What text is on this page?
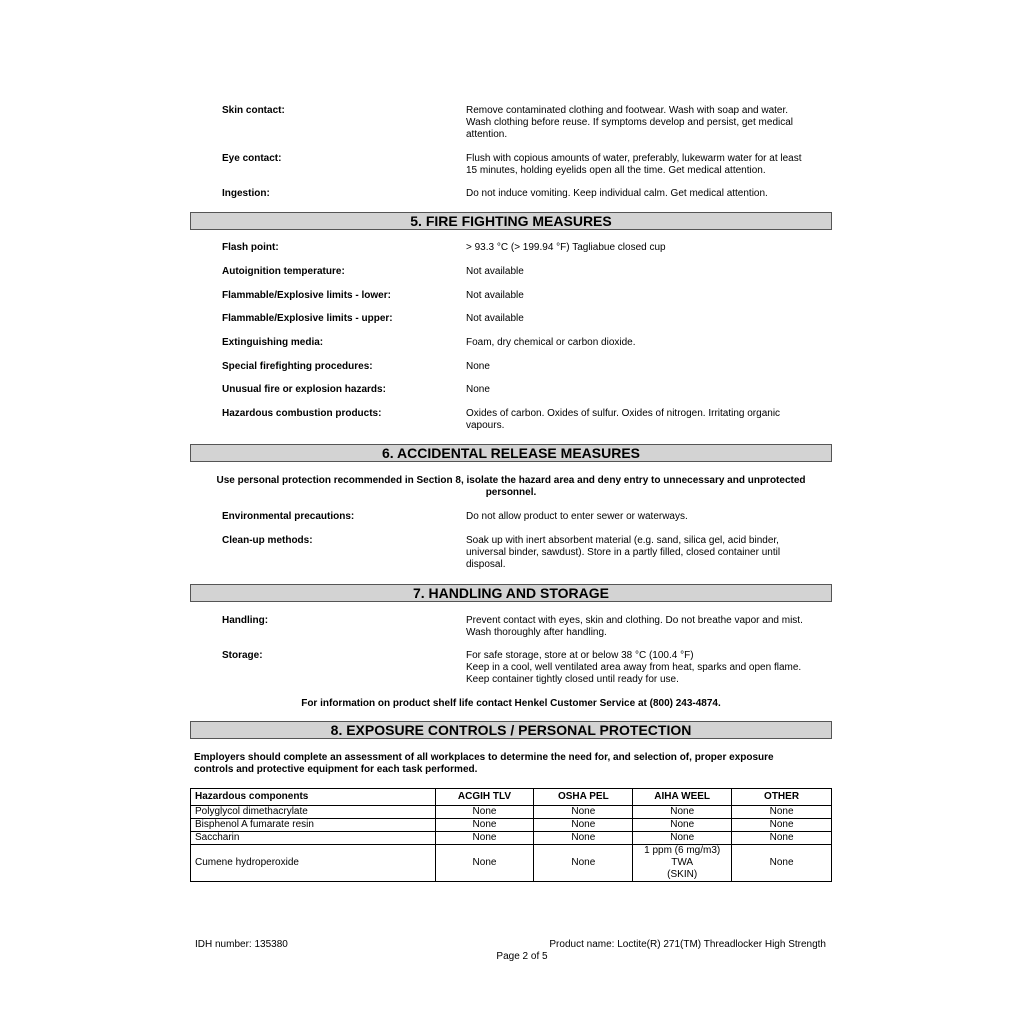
Skin contact:	Remove contaminated clothing and footwear. Wash with soap and water.
Wash clothing before reuse. If symptoms develop and persist, get medical
attention.
Eye contact:	Flush with copious amounts of water, preferably, lukewarm water for at least
15 minutes, holding eyelids open all the time. Get medical attention.
Ingestion:	Do not induce vomiting. Keep individual calm. Get medical attention.
5. FIRE FIGHTING MEASURES
Flash point:	> 93.3 °C (> 199.94 °F) Tagliabue closed cup
Autoignition temperature:	Not available
Flammable/Explosive limits - lower:	Not available
Flammable/Explosive limits - upper:	Not available
Extinguishing media:	Foam, dry chemical or carbon dioxide.
Special firefighting procedures:	None
Unusual fire or explosion hazards:	None
Hazardous combustion products:	Oxides of carbon. Oxides of sulfur. Oxides of nitrogen. Irritating organic
vapours.
6. ACCIDENTAL RELEASE MEASURES
Use personal protection recommended in Section 8, isolate the hazard area and deny entry to unnecessary and unprotected
personnel.
Environmental precautions:	Do not allow product to enter sewer or waterways.
Clean-up methods:	Soak up with inert absorbent material (e.g. sand, silica gel, acid binder,
universal binder, sawdust). Store in a partly filled, closed container until
disposal.
7. HANDLING AND STORAGE
Handling:	Prevent contact with eyes, skin and clothing. Do not breathe vapor and mist.
Wash thoroughly after handling.
Storage:	For safe storage, store at or below 38 °C (100.4 °F)
Keep in a cool, well ventilated area away from heat, sparks and open flame.
Keep container tightly closed until ready for use.
For information on product shelf life contact Henkel Customer Service at (800) 243-4874.
8. EXPOSURE CONTROLS / PERSONAL PROTECTION
Employers should complete an assessment of all workplaces to determine the need for, and selection of, proper exposure
controls and protective equipment for each task performed.
Hazardous components	ACGIH TLV	OSHA PEL	AIHA WEEL	OTHER
Polyglycol dimethacrylate	None	None	None	None
Bisphenol A fumarate resin	None	None	None	None
Saccharin	None	None	None	None
Cumene hydroperoxide	None	None	1 ppm (6 mg/m3)
TWA
(SKIN)	None
IDH number: 135380	Product name: Loctite(R) 271(TM) Threadlocker High Strength
Page 2 of 5
